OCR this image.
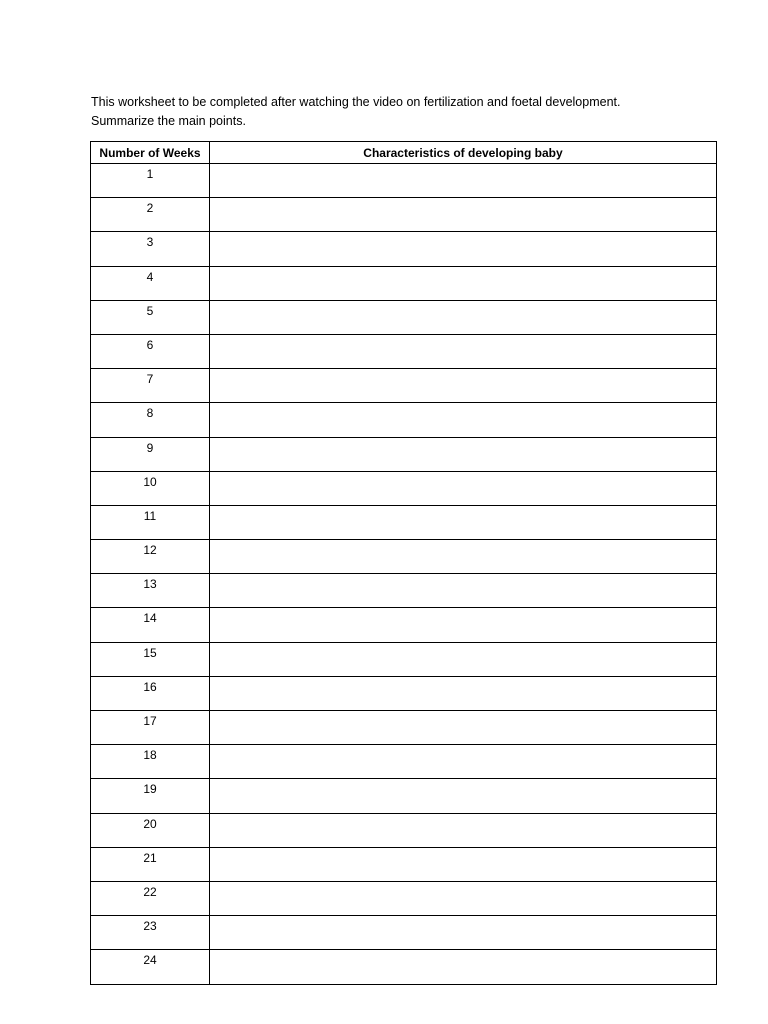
This worksheet to be completed after watching the video on fertilization and foetal development.

Summarize the main points.

Number of Weeks	Characteristics of developing baby
1	
2	
3	
4	
5	
6	
7	
8	
9	
10	
11	
12	
13	
14	
15	
16	
17	
18	
19	
20	
21	
22	
23	
24	
